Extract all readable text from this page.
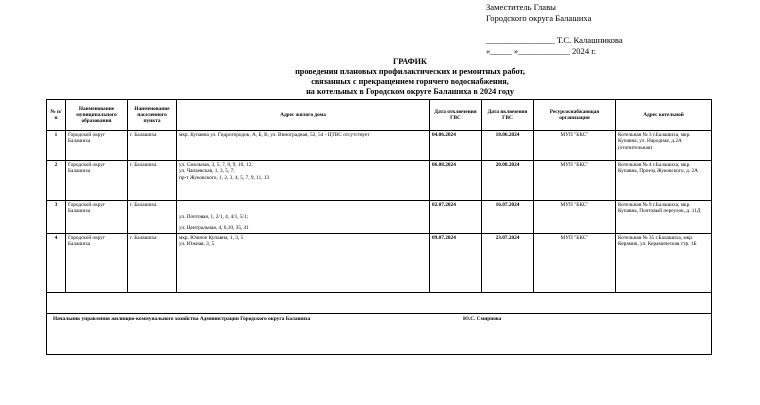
Заместитель Главы
Городского округа Балашиха
________________ Т.С. Калашникова
«_____ »____________ 2024 г.
ГРАФИК
проведения плановых профилактических и ремонтных работ,
связанных с прекращением горячего водоснабжения,
на котельных в Городском округе Балашиха в 2024 году
№ п/п	Наименование муниципального образования	Наименование населенного пункта	Адрес жилого дома	Дата отключения ГВС	Дата включения ГВС	Ресурсоснабжающая организация	Адрес котельной
1	Городской округ Балашиха	г. Балашиха	мкр. Купавна ул. Гидрогородок, А, Б, В, ул. Виноградная, 52, 54 - ЦТВС отсутствует	04.06.2024	18.06.2024	МУП "БКС"	Котельная № 3 г.Балашиха, мкр. Купавна, ул. Народная, д.2А (отопительная)
2	Городской округ Балашиха	г. Балашиха	ул. Смольная, 3, 5, 7, 8, 9, 10, 12;
ул. Чапаевская, 1, 3, 5, 7;
пр-т Жуковского, 1, 2, 3, 4, 5, 7, 9, 11, 13	06.08.2024	20.08.2024	МУП "БКС"	Котельная № 4 г.Балашиха, мкр. Купавна, Проезд Жуковского, д. 2А
3	Городской округ Балашиха	г. Балашиха	ул. Почтовая, 1, 2/1, 4, 4/1, 5/1;
ул. Центральная, 4, 6,10, 35, 41	02.07.2024	16.07.2024	МУП "БКС"	Котельная № 9 г.Балашиха, мкр. Купавна, Почтовый переулок, д. 11Д
4	Городской округ Балашиха	г. Балашиха	мкр. Южное Купавна, 1, 3, 5
ул. Южная, 3, 5	09.07.2024	23.07.2024	МУП "БКС"	Котельная № 35 г.Балашиха, мкр. Керамик, ул. Керамическая стр. 1Б

Начальник управления жилищно-коммунального хозяйства Администрации Городского округа Балашиха Ю.С. Смирнова							
